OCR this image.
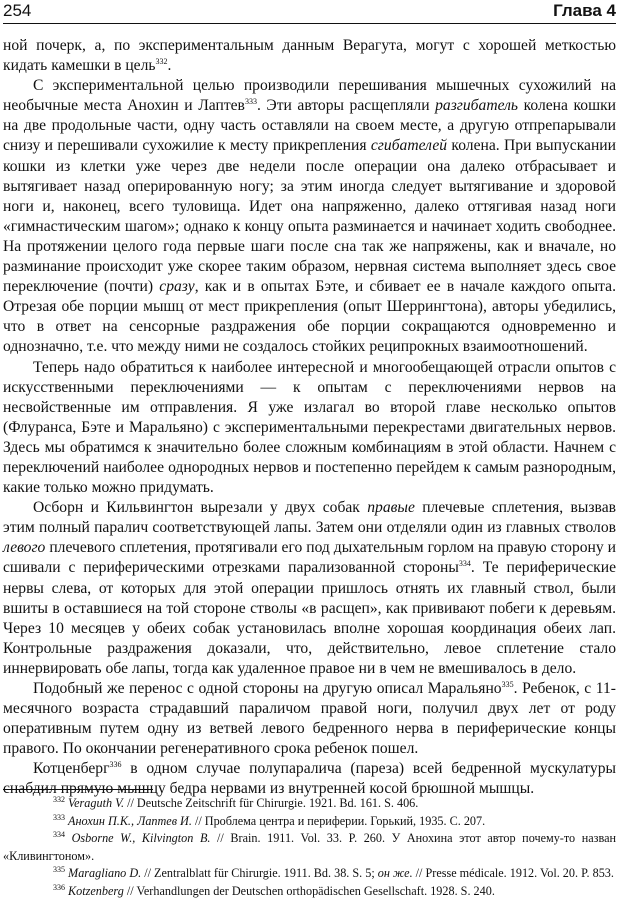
254	Глава 4

ной почерк, а, по экспериментальным данным Верагута, могут с хорошей меткостью кидать камешки в цель$^{332}$.

С экспериментальной целью производили перешивания мышечных сухожилий на необычные места Анохин и Лаптев$^{333}$. Эти авторы расщепляли разгибатель колена кошки на две продольные части, одну часть оставляли на своем месте, а другую отпрепарывали снизу и перешивали сухожилие к месту прикрепления сгибателей колена. При выпускании кошки из клетки уже через две недели после операции она далеко отбрасывает и вытягивает назад оперированную ногу; за этим иногда следует вытягивание и здоровой ноги и, наконец, всего туловища. Идет она напряженно, далеко оттягивая назад ноги «гимнастическим шагом»; однако к концу опыта разминается и начинает ходить свободнее. На протяжении целого года первые шаги после сна так же напряжены, как и вначале, но разминание происходит уже скорее таким образом, нервная система выполняет здесь свое переключение (почти) сразу, как и в опытах Бэте, и сбивает ее в начале каждого опыта. Отрезая обе порции мышц от мест прикрепления (опыт Шеррингтона), авторы убедились, что в ответ на сенсорные раздражения обе порции сокращаются одновременно и однозначно, т.е. что между ними не создалось стойких реципрокных взаимоотношений.

Теперь надо обратиться к наиболее интересной и многообещающей отрасли опытов с искусственными переключениями — к опытам с переключениями нервов на несвойственные им отправления. Я уже излагал во второй главе несколько опытов (Флуранса, Бэте и Маральяно) с экспериментальными перекрестами двигательных нервов. Здесь мы обратимся к значительно более сложным комбинациям в этой области. Начнем с переключений наиболее однородных нервов и постепенно перейдем к самым разнородным, какие только можно придумать.

Осборн и Кильвингтон вырезали у двух собак правые плечевые сплетения, вызвав этим полный паралич соответствующей лапы. Затем они отделяли один из главных стволов левого плечевого сплетения, протягивали его под дыхательным горлом на правую сторону и сшивали с периферическими отрезками парализованной стороны$^{334}$. Те периферические нервы слева, от которых для этой операции пришлось отнять их главный ствол, были вшиты в оставшиеся на той стороне стволы «в расщеп», как прививают побеги к деревьям. Через 10 месяцев у обеих собак установилась вполне хорошая координация обеих лап. Контрольные раздражения доказали, что, действительно, левое сплетение стало иннервировать обе лапы, тогда как удаленное правое ни в чем не вмешивалось в дело.

Подобный же перенос с одной стороны на другую описал Маральяно$^{335}$. Ребенок, с 11-месячного возраста страдавший параличом правой ноги, получил двух лет от роду оперативным путем одну из ветвей левого бедренного нерва в периферические концы правого. По окончании регенеративного срока ребенок пошел.

Котценберг$^{336}$ в одном случае полупаралича (пареза) всей бедренной мускулатуры снабдил прямую мышцу бедра нервами из внутренней косой брюшной мышцы.

$^{332}$ Veraguth V. // Deutsche Zeitschrift für Chirurgie. 1921. Bd. 161. S. 406.

$^{333}$ Анохин П.К., Лаптев И. // Проблема центра и периферии. Горький, 1935. С. 207.

$^{334}$ Osborne W., Kilvington B. // Brain. 1911. Vol. 33. P. 260. У Анохина этот автор почему-то назван «Кливингтоном».

$^{335}$ Maragliano D. // Zentralblatt für Chirurgie. 1911. Bd. 38. S. 5; он же. // Presse médicale. 1912. Vol. 20. P. 853.

$^{336}$ Kotzenberg // Verhandlungen der Deutschen orthopädischen Gesellschaft. 1928. S. 240.
